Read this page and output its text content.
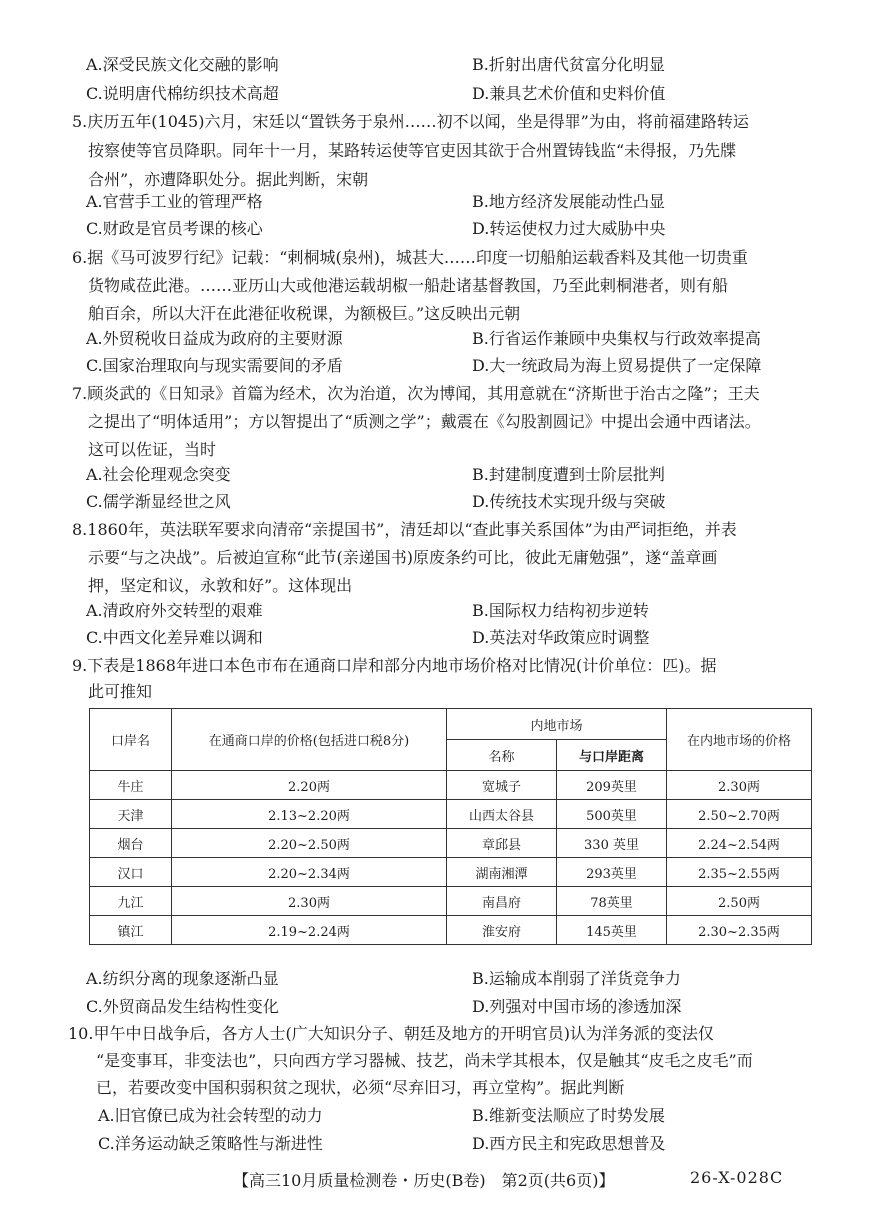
A.深受民族文化交融的影响	B.折射出唐代贫富分化明显
C.说明唐代棉纺织技术高超	D.兼具艺术价值和史料价值
5.庆历五年(1045)六月，宋廷以“置铁务于泉州……初不以闻，坐是得罪”为由，将前福建路转运
按察使等官员降职。同年十一月，某路转运使等官吏因其欲于合州置铸钱监“未得报，乃先牒
合州”，亦遭降职处分。据此判断，宋朝
A.官营手工业的管理严格	B.地方经济发展能动性凸显
C.财政是官员考课的核心	D.转运使权力过大威胁中央
6.据《马可波罗行纪》记载：“剌桐城(泉州)，城甚大……印度一切船舶运载香料及其他一切贵重
货物咸莅此港。……亚历山大或他港运载胡椒一船赴诸基督教国，乃至此剌桐港者，则有船
舶百余，所以大汗在此港征收税课，为额极巨。”这反映出元朝
A.外贸税收日益成为政府的主要财源	B.行省运作兼顾中央集权与行政效率提高
C.国家治理取向与现实需要间的矛盾	D.大一统政局为海上贸易提供了一定保障
7.顾炎武的《日知录》首篇为经术，次为治道，次为博闻，其用意就在“济斯世于治古之隆”；王夫
之提出了“明体适用”；方以智提出了“质测之学”；戴震在《勾股割圆记》中提出会通中西诸法。
这可以佐证，当时
A.社会伦理观念突变	B.封建制度遭到士阶层批判
C.儒学渐显经世之风	D.传统技术实现升级与突破
8.1860年，英法联军要求向清帝“亲提国书”，清廷却以“查此事关系国体”为由严词拒绝，并表
示要“与之决战”。后被迫宣称“此节(亲递国书)原废条约可比，彼此无庸勉强”，遂“盖章画
押，坚定和议，永敦和好”。这体现出
A.清政府外交转型的艰难	B.国际权力结构初步逆转
C.中西文化差异难以调和	D.英法对华政策应时调整
9.下表是1868年进口本色市布在通商口岸和部分内地市场价格对比情况(计价单位：匹)。据
此可推知
口岸名	在通商口岸的价格(包括进口税8分)	内地市场		在内地市场的价格
		名称	与口岸距离	
牛庄	2.20两	宽城子	209英里	2.30两
天津	2.13~2.20两	山西太谷县	500英里	2.50~2.70两
烟台	2.20~2.50两	章邱县	330 英里	2.24~2.54两
汉口	2.20~2.34两	湖南湘潭	293英里	2.35~2.55两
九江	2.30两	南昌府	78英里	2.50两
镇江	2.19~2.24两	淮安府	145英里	2.30~2.35两
A.纺织分离的现象逐渐凸显	B.运输成本削弱了洋货竞争力
C.外贸商品发生结构性变化	D.列强对中国市场的渗透加深
10.甲午中日战争后，各方人士(广大知识分子、朝廷及地方的开明官员)认为洋务派的变法仅
“是变事耳，非变法也”，只向西方学习器械、技艺，尚未学其根本，仅是触其“皮毛之皮毛”而
已，若要改变中国积弱积贫之现状，必须“尽弃旧习，再立堂构”。据此判断
A.旧官僚已成为社会转型的动力	B.维新变法顺应了时势发展
C.洋务运动缺乏策略性与渐进性	D.西方民主和宪政思想普及
【高三10月质量检测卷・历史(B卷)　第2页(共6页)】	26-X-028C
